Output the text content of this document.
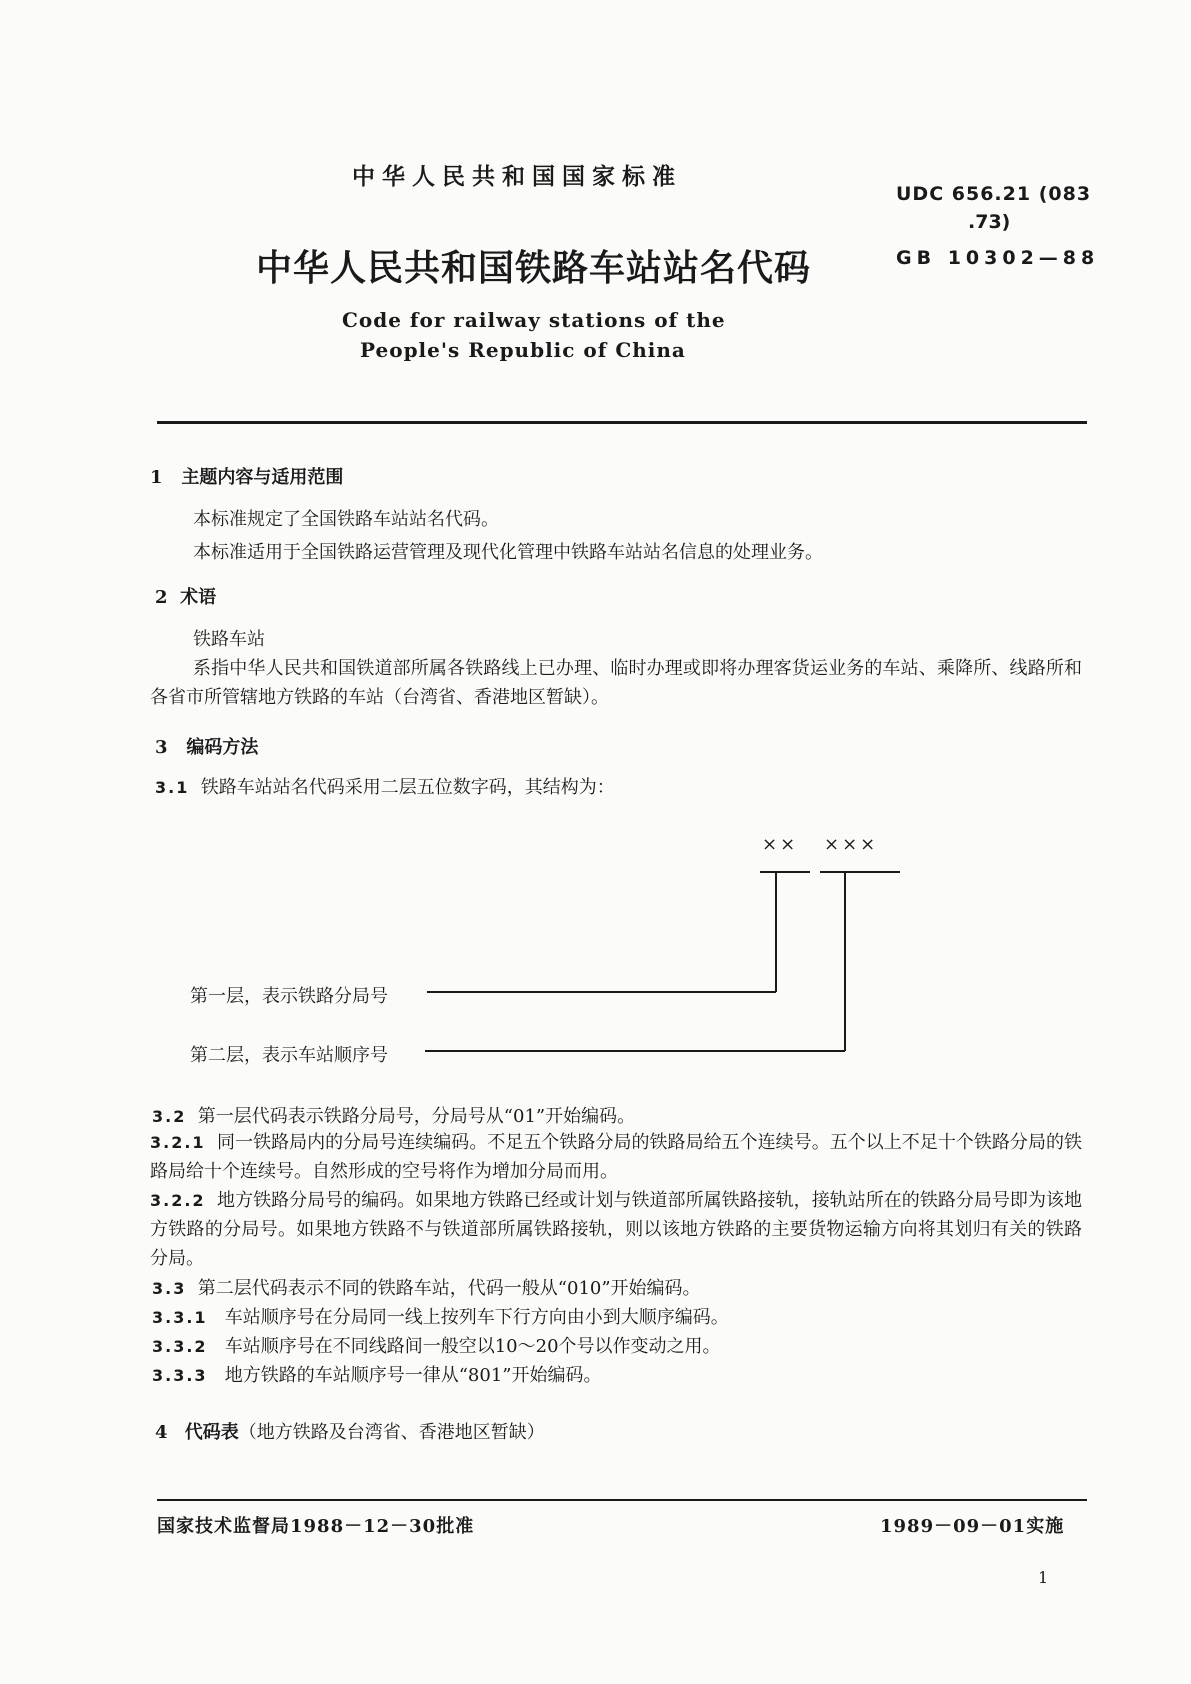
中华人民共和国国家标准
UDC 656.21 (083
.73)
GB 10302—88
中华人民共和国铁路车站站名代码
Code for railway stations of the
People's Republic of China
1 主题内容与适用范围
本标准规定了全国铁路车站站名代码。
本标准适用于全国铁路运营管理及现代化管理中铁路车站站名信息的处理业务。
2 术语
铁路车站
系指中华人民共和国铁道部所属各铁路线上已办理、临时办理或即将办理客货运业务的车站、乘降所、线路所和各省市所管辖地方铁路的车站（台湾省、香港地区暂缺）。
3 编码方法
3.1 铁路车站站名代码采用二层五位数字码，其结构为：
×× ×××
第一层，表示铁路分局号
第二层，表示车站顺序号
3.2 第一层代码表示铁路分局号，分局号从“01”开始编码。
3.2.1 同一铁路局内的分局号连续编码。不足五个铁路分局的铁路局给五个连续号。五个以上不足十个铁路分局的铁路局给十个连续号。自然形成的空号将作为增加分局而用。
3.2.2 地方铁路分局号的编码。如果地方铁路已经或计划与铁道部所属铁路接轨，接轨站所在的铁路分局号即为该地方铁路的分局号。如果地方铁路不与铁道部所属铁路接轨，则以该地方铁路的主要货物运输方向将其划归有关的铁路分局。
3.3 第二层代码表示不同的铁路车站，代码一般从“010”开始编码。
3.3.1 车站顺序号在分局同一线上按列车下行方向由小到大顺序编码。
3.3.2 车站顺序号在不同线路间一般空以10～20个号以作变动之用。
3.3.3 地方铁路的车站顺序号一律从“801”开始编码。
4 代码表（地方铁路及台湾省、香港地区暂缺）
国家技术监督局1988－12－30批准	1989－09－01实施
1
